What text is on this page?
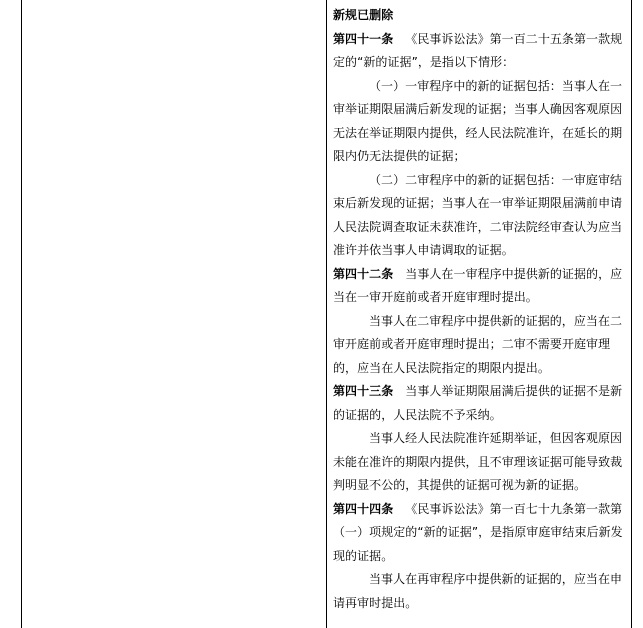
新规已删除

第四十一条 《民事诉讼法》第一百二十五条第一款规定的“新的证据”，是指以下情形：

（一）一审程序中的新的证据包括：当事人在一审举证期限届满后新发现的证据；当事人确因客观原因无法在举证期限内提供，经人民法院准许，在延长的期限内仍无法提供的证据；

（二）二审程序中的新的证据包括：一审庭审结束后新发现的证据；当事人在一审举证期限届满前申请人民法院调查取证未获准许，二审法院经审查认为应当准许并依当事人申请调取的证据。

第四十二条 当事人在一审程序中提供新的证据的，应当在一审开庭前或者开庭审理时提出。

当事人在二审程序中提供新的证据的，应当在二审开庭前或者开庭审理时提出；二审不需要开庭审理的，应当在人民法院指定的期限内提出。

第四十三条 当事人举证期限届满后提供的证据不是新的证据的，人民法院不予采纳。

当事人经人民法院准许延期举证，但因客观原因未能在准许的期限内提供，且不审理该证据可能导致裁判明显不公的，其提供的证据可视为新的证据。

第四十四条 《民事诉讼法》第一百七十九条第一款第（一）项规定的“新的证据”，是指原审庭审结束后新发现的证据。

当事人在再审程序中提供新的证据的，应当在申请再审时提出。
